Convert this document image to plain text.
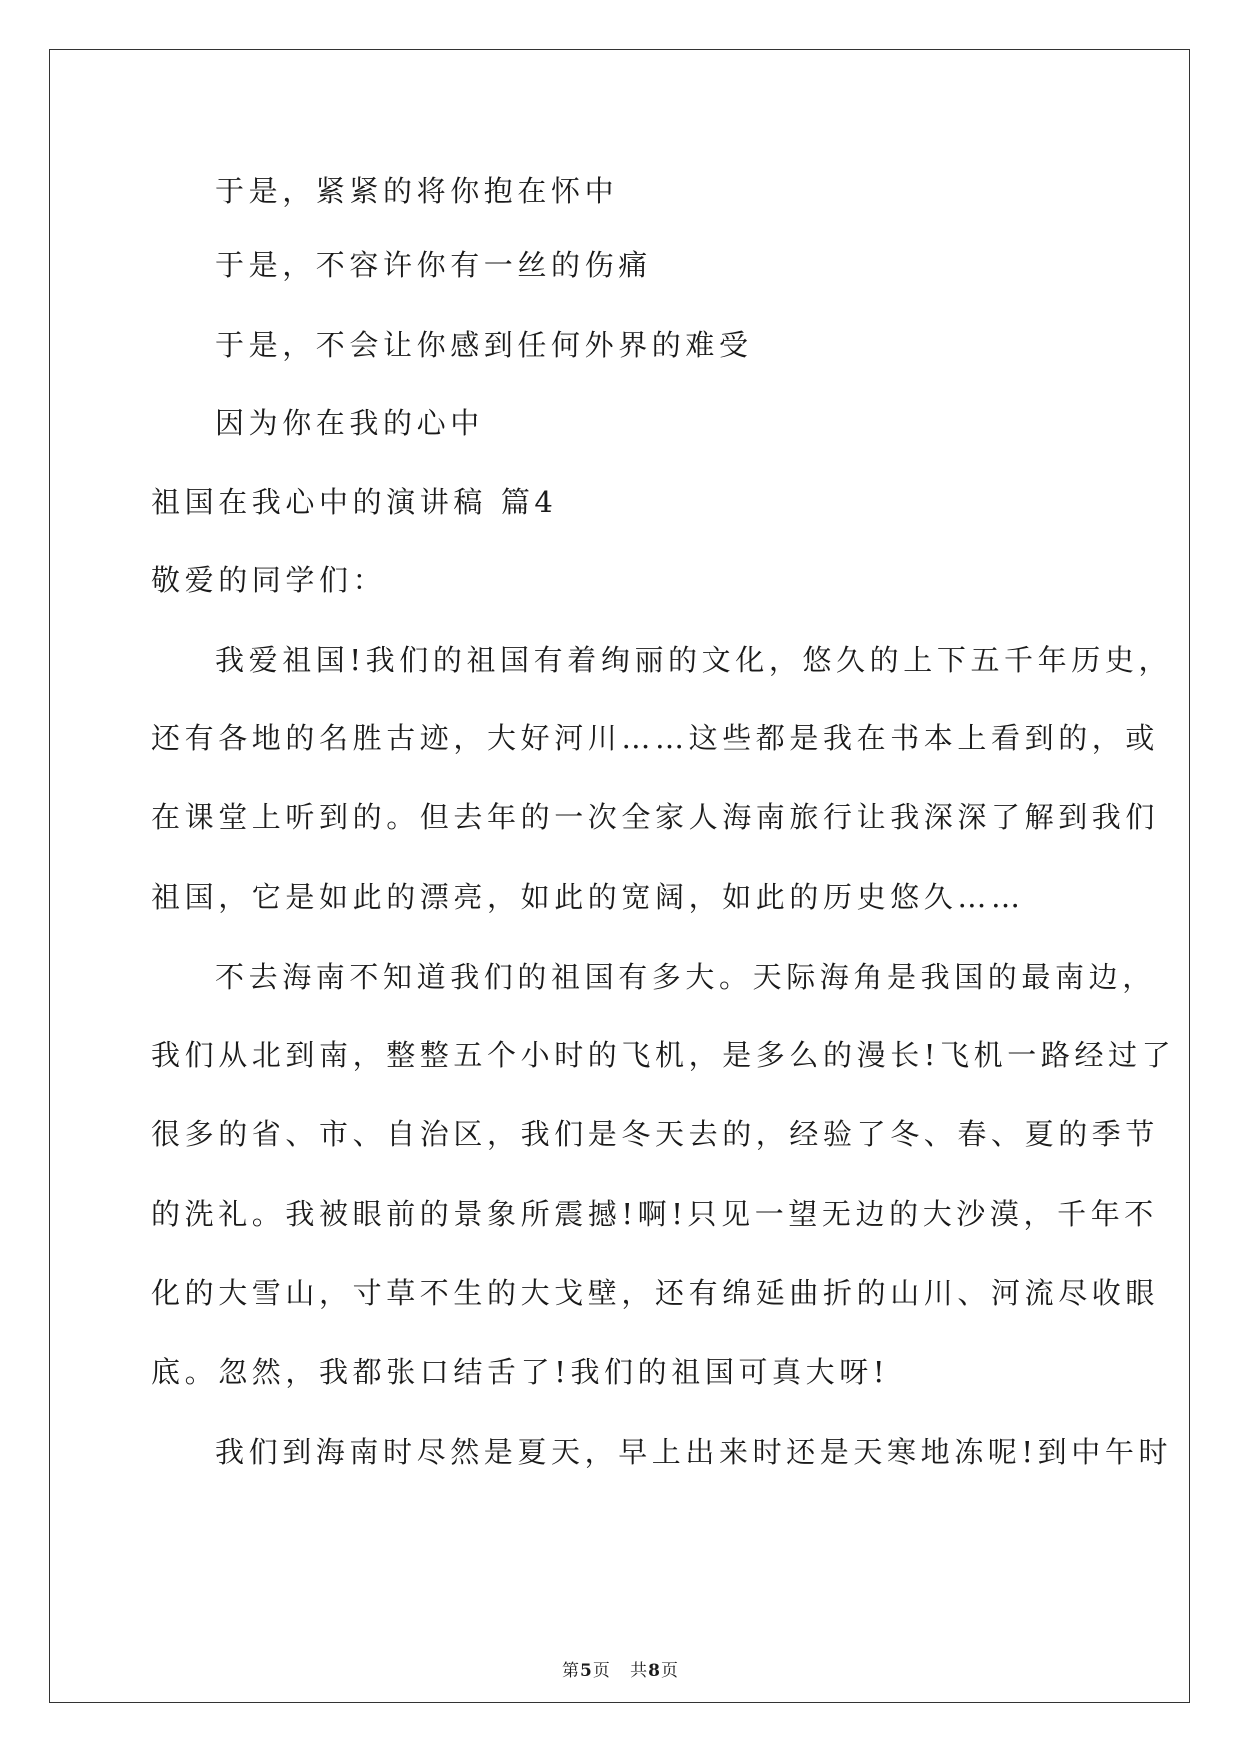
于是，紧紧的将你抱在怀中
于是，不容许你有一丝的伤痛
于是，不会让你感到任何外界的难受
因为你在我的心中
祖国在我心中的演讲稿 篇4
敬爱的同学们：
我爱祖国!我们的祖国有着绚丽的文化，悠久的上下五千年历史，
还有各地的名胜古迹，大好河川……这些都是我在书本上看到的，或
在课堂上听到的。但去年的一次全家人海南旅行让我深深了解到我们
祖国，它是如此的漂亮，如此的宽阔，如此的历史悠久……
不去海南不知道我们的祖国有多大。天际海角是我国的最南边，
我们从北到南，整整五个小时的飞机，是多么的漫长!飞机一路经过了
很多的省、市、自治区，我们是冬天去的，经验了冬、春、夏的季节
的洗礼。我被眼前的景象所震撼!啊!只见一望无边的大沙漠，千年不
化的大雪山，寸草不生的大戈壁，还有绵延曲折的山川、河流尽收眼
底。忽然，我都张口结舌了!我们的祖国可真大呀!
我们到海南时尽然是夏天，早上出来时还是天寒地冻呢!到中午时
第5页   共8页
